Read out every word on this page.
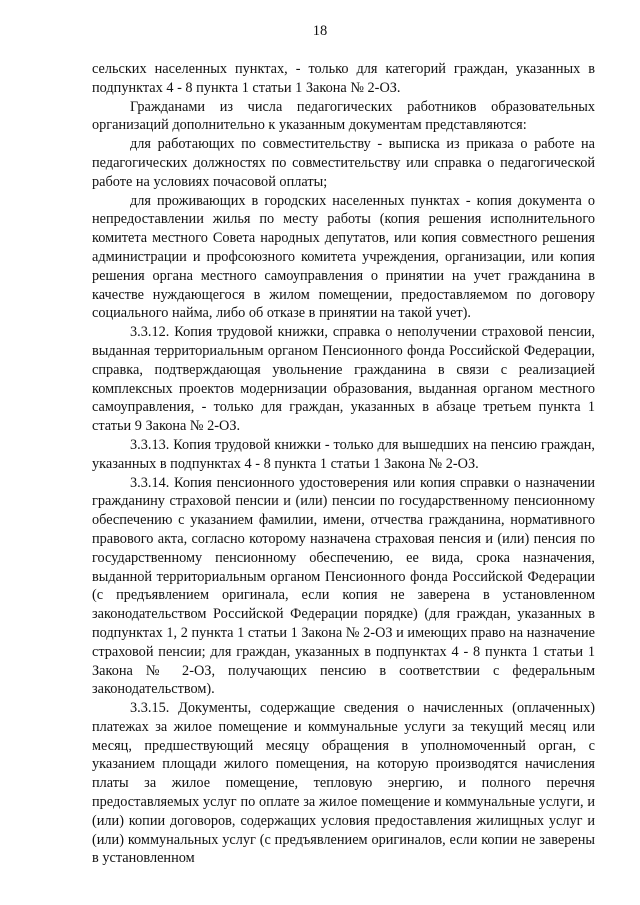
18

сельских населенных пунктах, - только для категорий граждан, указанных в подпунктах 4 - 8 пункта 1 статьи 1 Закона № 2-ОЗ.

Гражданами из числа педагогических работников образовательных организаций дополнительно к указанным документам представляются:

для работающих по совместительству - выписка из приказа о работе на педагогических должностях по совместительству или справка о педагогической работе на условиях почасовой оплаты;

для проживающих в городских населенных пунктах - копия документа о непредоставлении жилья по месту работы (копия решения исполнительного комитета местного Совета народных депутатов, или копия совместного решения администрации и профсоюзного комитета учреждения, организации, или копия решения органа местного самоуправления о принятии на учет гражданина в качестве нуждающегося в жилом помещении, предоставляемом по договору социального найма, либо об отказе в принятии на такой учет).

3.3.12. Копия трудовой книжки, справка о неполучении страховой пенсии, выданная территориальным органом Пенсионного фонда Российской Федерации, справка, подтверждающая увольнение гражданина в связи с реализацией комплексных проектов модернизации образования, выданная органом местного самоуправления, - только для граждан, указанных в абзаце третьем пункта 1 статьи 9 Закона № 2-ОЗ.

3.3.13. Копия трудовой книжки - только для вышедших на пенсию граждан, указанных в подпунктах 4 - 8 пункта 1 статьи 1 Закона № 2-ОЗ.

3.3.14. Копия пенсионного удостоверения или копия справки о назначении гражданину страховой пенсии и (или) пенсии по государственному пенсионному обеспечению с указанием фамилии, имени, отчества гражданина, нормативного правового акта, согласно которому назначена страховая пенсия и (или) пенсия по государственному пенсионному обеспечению, ее вида, срока назначения, выданной территориальным органом Пенсионного фонда Российской Федерации (с предъявлением оригинала, если копия не заверена в установленном законодательством Российской Федерации порядке) (для граждан, указанных в подпунктах 1, 2 пункта 1 статьи 1 Закона № 2-ОЗ и имеющих право на назначение страховой пенсии; для граждан, указанных в подпунктах 4 - 8 пункта 1 статьи 1 Закона № 2-ОЗ, получающих пенсию в соответствии с федеральным законодательством).

3.3.15. Документы, содержащие сведения о начисленных (оплаченных) платежах за жилое помещение и коммунальные услуги за текущий месяц или месяц, предшествующий месяцу обращения в уполномоченный орган, с указанием площади жилого помещения, на которую производятся начисления платы за жилое помещение, тепловую энергию, и полного перечня предоставляемых услуг по оплате за жилое помещение и коммунальные услуги, и (или) копии договоров, содержащих условия предоставления жилищных услуг и (или) коммунальных услуг (с предъявлением оригиналов, если копии не заверены в установленном
